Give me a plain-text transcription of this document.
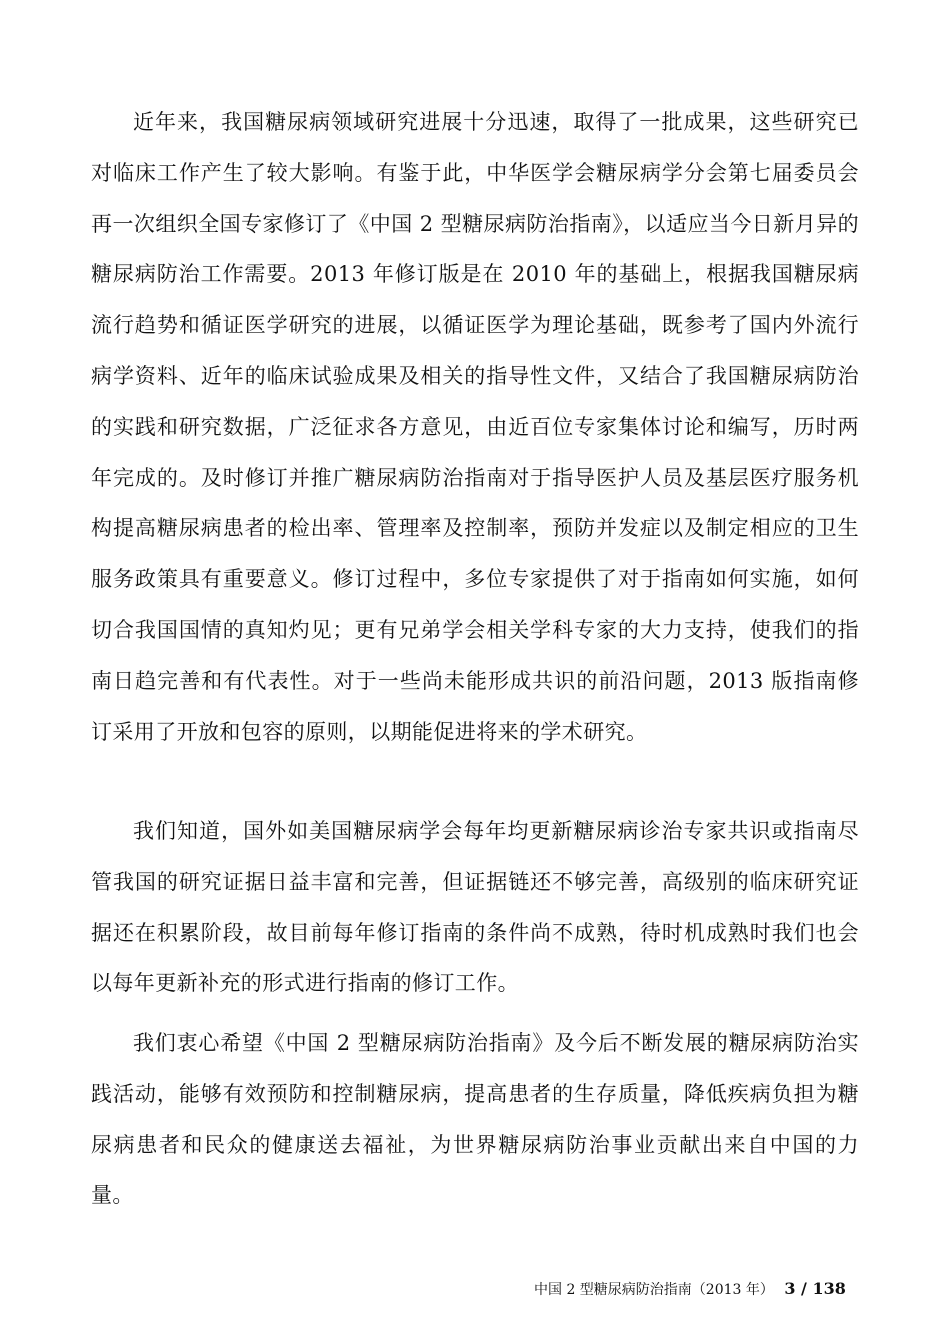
近年来，我国糖尿病领域研究进展十分迅速，取得了一批成果，这些研究已对临床工作产生了较大影响。有鉴于此，中华医学会糖尿病学分会第七届委员会再一次组织全国专家修订了《中国 2 型糖尿病防治指南》，以适应当今日新月异的糖尿病防治工作需要。2013 年修订版是在 2010 年的基础上，根据我国糖尿病流行趋势和循证医学研究的进展，以循证医学为理论基础，既参考了国内外流行病学资料、近年的临床试验成果及相关的指导性文件，又结合了我国糖尿病防治的实践和研究数据，广泛征求各方意见，由近百位专家集体讨论和编写，历时两年完成的。及时修订并推广糖尿病防治指南对于指导医护人员及基层医疗服务机构提高糖尿病患者的检出率、管理率及控制率，预防并发症以及制定相应的卫生服务政策具有重要意义。修订过程中，多位专家提供了对于指南如何实施，如何切合我国国情的真知灼见；更有兄弟学会相关学科专家的大力支持，使我们的指南日趋完善和有代表性。对于一些尚未能形成共识的前沿问题，2013 版指南修订采用了开放和包容的原则，以期能促进将来的学术研究。

我们知道，国外如美国糖尿病学会每年均更新糖尿病诊治专家共识或指南尽管我国的研究证据日益丰富和完善，但证据链还不够完善，高级别的临床研究证据还在积累阶段，故目前每年修订指南的条件尚不成熟，待时机成熟时我们也会以每年更新补充的形式进行指南的修订工作。

我们衷心希望《中国 2 型糖尿病防治指南》及今后不断发展的糖尿病防治实践活动，能够有效预防和控制糖尿病，提高患者的生存质量，降低疾病负担为糖尿病患者和民众的健康送去福祉，为世界糖尿病防治事业贡献出来自中国的力量。

中国 2 型糖尿病防治指南（2013 年） 3 / 138
